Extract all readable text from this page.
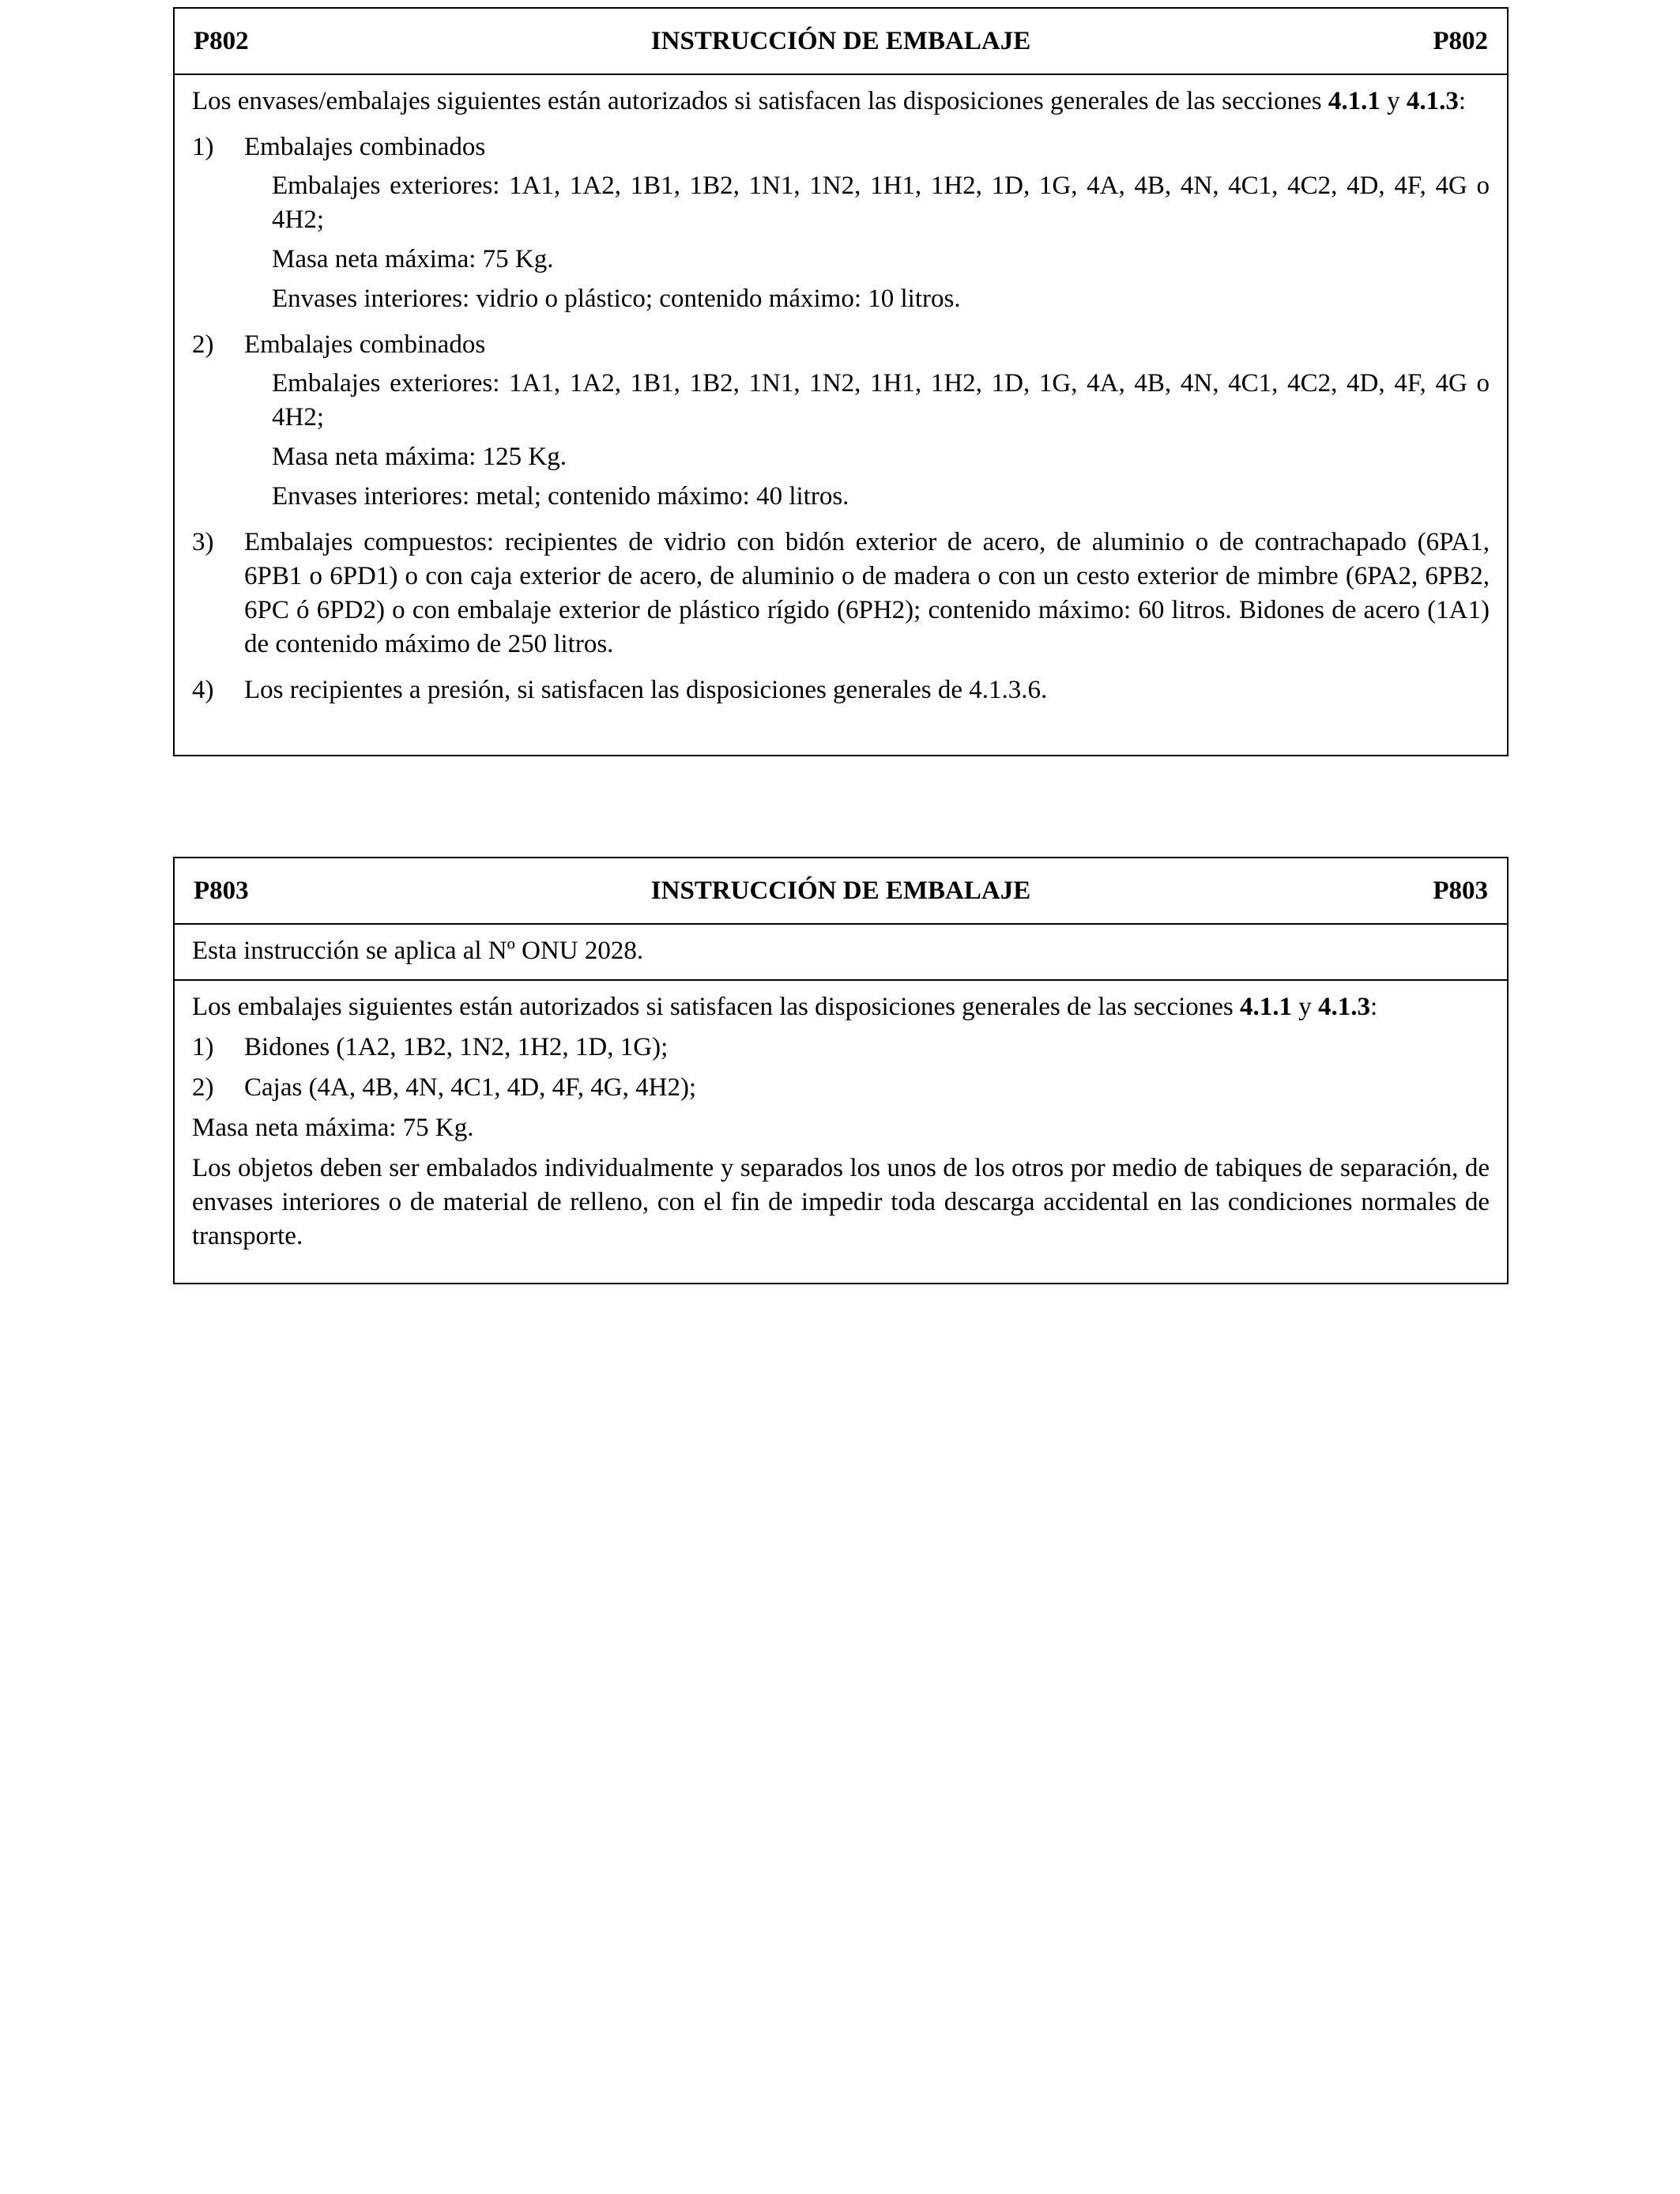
P802	INSTRUCCIÓN DE EMBALAJE	P802
Los envases/embalajes siguientes están autorizados si satisfacen las disposiciones generales de las secciones 4.1.1 y 4.1.3:
1)	Embalajes combinados
Embalajes exteriores: 1A1, 1A2, 1B1, 1B2, 1N1, 1N2, 1H1, 1H2, 1D, 1G, 4A, 4B, 4N, 4C1, 4C2, 4D, 4F, 4G o 4H2;
Masa neta máxima: 75 Kg.
Envases interiores: vidrio o plástico; contenido máximo: 10 litros.
2)	Embalajes combinados
Embalajes exteriores: 1A1, 1A2, 1B1, 1B2, 1N1, 1N2, 1H1, 1H2, 1D, 1G, 4A, 4B, 4N, 4C1, 4C2, 4D, 4F, 4G o 4H2;
Masa neta máxima: 125 Kg.
Envases interiores: metal; contenido máximo: 40 litros.
3)	Embalajes compuestos: recipientes de vidrio con bidón exterior de acero, de aluminio o de contrachapado (6PA1, 6PB1 o 6PD1) o con caja exterior de acero, de aluminio o de madera o con un cesto exterior de mimbre (6PA2, 6PB2, 6PC ó 6PD2) o con embalaje exterior de plástico rígido (6PH2); contenido máximo: 60 litros. Bidones de acero (1A1) de contenido máximo de 250 litros.
4)	Los recipientes a presión, si satisfacen las disposiciones generales de 4.1.3.6.
P803	INSTRUCCIÓN DE EMBALAJE	P803
Esta instrucción se aplica al Nº ONU 2028.
Los embalajes siguientes están autorizados si satisfacen las disposiciones generales de las secciones 4.1.1 y 4.1.3:
1)	Bidones (1A2, 1B2, 1N2, 1H2, 1D, 1G);
2)	Cajas (4A, 4B, 4N, 4C1, 4D, 4F, 4G, 4H2);
Masa neta máxima: 75 Kg.
Los objetos deben ser embalados individualmente y separados los unos de los otros por medio de tabiques de separación, de envases interiores o de material de relleno, con el fin de impedir toda descarga accidental en las condiciones normales de transporte.
